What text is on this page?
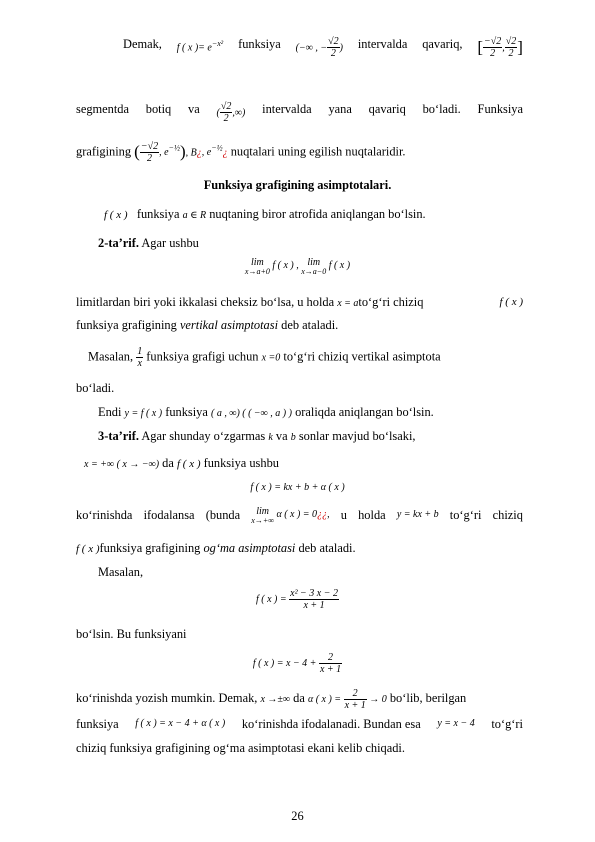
Demak, f ( x )= $e^{-x^2}$ funksiya (−∞ , − $\frac{√2}{2}$ ) intervalda qavariq, [ $\frac{-√2}{2}$ , $\frac{√2}{2}$ ]
segmentda botiq va ( $\frac{√2}{2}$ ,∞) intervalda yana qavariq bo‘ladi. Funksiya
grafigining ( $\frac{-√2}{2}$ , $e^{-\frac{1}{2}}$), B¿, $e^{-\frac{1}{2}}¿$ nuqtalari uning egilish nuqtalaridir.
Funksiya grafigining asimptotalari.
f ( x ) funksiya a ∈ R nuqtaning biror atrofida aniqlangan bo‘lsin.
2-ta’rif. Agar ushbu
lim
x→a+0 f ( x ) , lim
x→a−0 f ( x )
limitlardan biri yoki ikkalasi cheksiz bo‘lsa, u holda x = ato‘g‘ri chiziq	f ( x )
funksiya grafigining vertikal asimptotasi deb ataladi.
Masalan, $\frac{1}{x}$ funksiya grafigi uchun x =0 to‘g‘ri chiziq vertikal asimptota
bo‘ladi.
Endi y = f ( x ) funksiya ( a , ∞) ( ( −∞ , a ) ) oraliqda aniqlangan bo‘lsin.
3-ta’rif. Agar shunday o‘zgarmas k va b sonlar mavjud bo‘lsaki,
x = +∞ ( x → −∞) da f ( x ) funksiya ushbu
f ( x ) = kx + b + α ( x )
ko‘rinishda ifodalansa (bunda	lim
x→+∞ α ( x ) = 0¿¿, u holda y = kx + b to‘g‘ri chiziq
f ( x )funksiya grafigining og‘ma asimptotasi deb ataladi.
Masalan,
f ( x ) = $\frac{\text{x² − 3 x − 2}}{x + 1}$
bo‘lsin. Bu funksiyani
f ( x ) = $x - 4 + \frac{2}{x + 1}$
ko‘rinishda yozish mumkin. Demak, x →±∞ da α ( x ) = $\frac{2}{x + 1} \to 0$ bo‘lib, berilgan
funksiya f ( x ) = x − 4 + α ( x ) ko‘rinishda ifodalanadi. Bundan esa y = x − 4 to‘g‘ri
chiziq funksiya grafigining og‘ma asimptotasi ekani kelib chiqadi.
26
